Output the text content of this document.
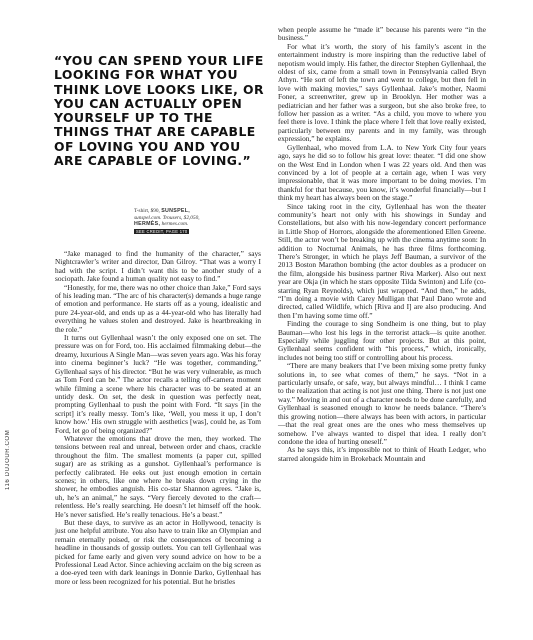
116 DUJOUR.COM
“YOU CAN SPEND YOUR LIFE LOOKING FOR WHAT YOU THINK LOVE LOOKS LIKE, OR YOU CAN ACTUALLY OPEN YOURSELF UP TO THE THINGS THAT ARE CAPABLE OF LOVING YOU AND YOU ARE CAPABLE OF LOVING.”
T-shirt, $90, SUNSPEL,
sunspel.com. Trousers, $2,050,
HERMÈS, hermes.com.
SEE CREDIT, PAGE 170

“Jake managed to find the humanity of the character,” says Nightcrawler’s writer and director, Dan Gilroy. “That was a worry I had with the script. I didn’t want this to be another study of a sociopath. Jake found a human quality not easy to find.”

“Honestly, for me, there was no other choice than Jake,” Ford says of his leading man. “The arc of his character(s) demands a huge range of emotion and performance. He starts off as a young, idealistic and pure 24-year-old, and ends up as a 44-year-old who has literally had everything he values stolen and destroyed. Jake is heartbreaking in the role.”

It turns out Gyllenhaal wasn’t the only exposed one on set. The pressure was on for Ford, too. His acclaimed filmmaking debut—the dreamy, luxurious A Single Man—was seven years ago. Was his foray into cinema beginner’s luck? “He was together, commanding,” Gyllenhaal says of his director. “But he was very vulnerable, as much as Tom Ford can be.” The actor recalls a telling off-camera moment while filming a scene where his character was to be seated at an untidy desk. On set, the desk in question was perfectly neat, prompting Gyllenhaal to push the point with Ford. “It says [in the script] it’s really messy. Tom’s like, ‘Well, you mess it up, I don’t know how.’ His own struggle with aesthetics [was], could he, as Tom Ford, let go of being organized?”

Whatever the emotions that drove the men, they worked. The tensions between real and unreal, between order and chaos, crackle throughout the film. The smallest moments (a paper cut, spilled sugar) are as striking as a gunshot. Gyllenhaal’s performance is perfectly calibrated. He eeks out just enough emotion in certain scenes; in others, like one where he breaks down crying in the shower, he embodies anguish. His co-star Shannon agrees. “Jake is, uh, he’s an animal,” he says. “Very fiercely devoted to the craft—relentless. He’s really searching. He doesn’t let himself off the hook. He’s never satisfied. He’s really tenacious. He’s a beast.”

But these days, to survive as an actor in Hollywood, tenacity is just one helpful attribute. You also have to train like an Olympian and remain eternally poised, or risk the consequences of becoming a headline in thousands of gossip outlets. You can tell Gyllenhaal was picked for fame early and given very sound advice on how to be a Professional Lead Actor. Since achieving acclaim on the big screen as a doe-eyed teen with dark leanings in Donnie Darko, Gyllenhaal has more or less been recognized for his potential. But he bristles

when people assume he “made it” because his parents were “in the business.”

For what it’s worth, the story of his family’s ascent in the entertainment industry is more inspiring than the reductive label of nepotism would imply. His father, the director Stephen Gyllenhaal, the oldest of six, came from a small town in Pennsylvania called Bryn Athyn. “He sort of left the town and went to college, but then fell in love with making movies,” says Gyllenhaal. Jake’s mother, Naomi Foner, a screenwriter, grew up in Brooklyn. Her mother was a pediatrician and her father was a surgeon, but she also broke free, to follow her passion as a writer. “As a child, you move to where you feel there is love. I think the place where I felt that love really existed, particularly between my parents and in my family, was through expression,” he explains.

Gyllenhaal, who moved from L.A. to New York City four years ago, says he did so to follow his great love: theater. “I did one show on the West End in London when I was 22 years old. And then was convinced by a lot of people at a certain age, when I was very impressionable, that it was more important to be doing movies. I’m thankful for that because, you know, it’s wonderful financially—but I think my heart has always been on the stage.”

Since taking root in the city, Gyllenhaal has won the theater community’s heart not only with his showings in Sunday and Constellations, but also with his now-legendary concert performance in Little Shop of Horrors, alongside the aforementioned Ellen Greene. Still, the actor won’t be breaking up with the cinema anytime soon: In addition to Nocturnal Animals, he has three films forthcoming. There’s Stronger, in which he plays Jeff Bauman, a survivor of the 2013 Boston Marathon bombing (the actor doubles as a producer on the film, alongside his business partner Riva Marker). Also out next year are Okja (in which he stars opposite Tilda Swinton) and Life (co-starring Ryan Reynolds), which just wrapped. “And then,” he adds, “I’m doing a movie with Carey Mulligan that Paul Dano wrote and directed, called Wildlife, which [Riva and I] are also producing. And then I’m having some time off.”

Finding the courage to sing Sondheim is one thing, but to play Bauman—who lost his legs in the terrorist attack—is quite another. Especially while juggling four other projects. But at this point, Gyllenhaal seems confident with “his process,” which, ironically, includes not being too stiff or controlling about his process.

“There are many beakers that I’ve been mixing some pretty funky solutions in, to see what comes of them,” he says. “Not in a particularly unsafe, or safe, way, but always mindful… I think I came to the realization that acting is not just one thing. There is not just one way.” Moving in and out of a character needs to be done carefully, and Gyllenhaal is seasoned enough to know he needs balance. “There’s this growing notion—there always has been with actors, in particular—that the real great ones are the ones who mess themselves up somehow. I’ve always wanted to dispel that idea. I really don’t condone the idea of hurting oneself.”

As he says this, it’s impossible not to think of Heath Ledger, who starred alongside him in Brokeback Mountain and
